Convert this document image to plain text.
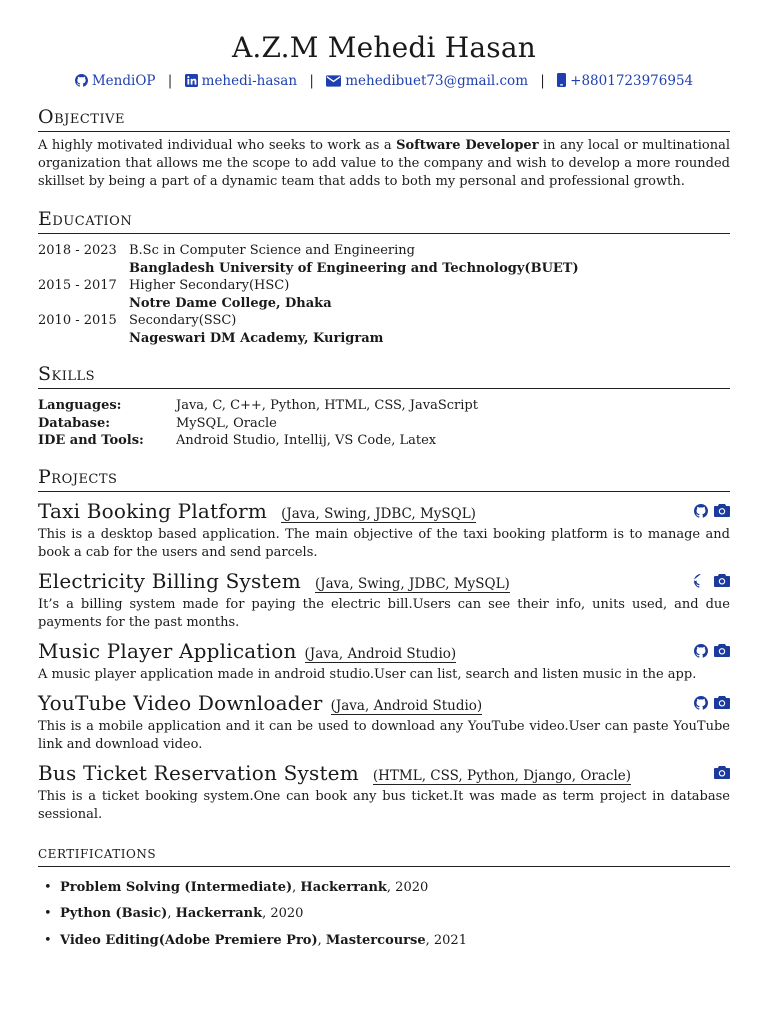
A.Z.M Mehedi Hasan
MendiOP | mehedi-hasan | mehedibuet73@gmail.com | +8801723976954
Objective

A highly motivated individual who seeks to work as a Software Developer in any local or multinational organization that allows me the scope to add value to the company and wish to develop a more rounded skillset by being a part of a dynamic team that adds to both my personal and professional growth.

Education
2018 - 2023 B.Sc in Computer Science and Engineering
Bangladesh University of Engineering and Technology(BUET)
2015 - 2017 Higher Secondary(HSC)
Notre Dame College, Dhaka
2010 - 2015 Secondary(SSC)
Nageswari DM Academy, Kurigram
Skills
Languages:	Java, C, C++, Python, HTML, CSS, JavaScript
Database:	MySQL, Oracle
IDE and Tools:	Android Studio, Intellij, VS Code, Latex
Projects
Taxi Booking Platform (Java, Swing, JDBC, MySQL)

This is a desktop based application. The main objective of the taxi booking platform is to manage and book a cab for the users and send parcels.

Electricity Billing System (Java, Swing, JDBC, MySQL)

It’s a billing system made for paying the electric bill.Users can see their info, units used, and due payments for the past months.

Music Player Application (Java, Android Studio)

A music player application made in android studio.User can list, search and listen music in the app.

YouTube Video Downloader (Java, Android Studio)

This is a mobile application and it can be used to download any YouTube video.User can paste YouTube link and download video.

Bus Ticket Reservation System (HTML, CSS, Python, Django, Oracle)

This is a ticket booking system.One can book any bus ticket.It was made as term project in database sessional.

certifications
• Problem Solving (Intermediate), Hackerrank, 2020
• Python (Basic), Hackerrank, 2020
• Video Editing(Adobe Premiere Pro), Mastercourse, 2021
